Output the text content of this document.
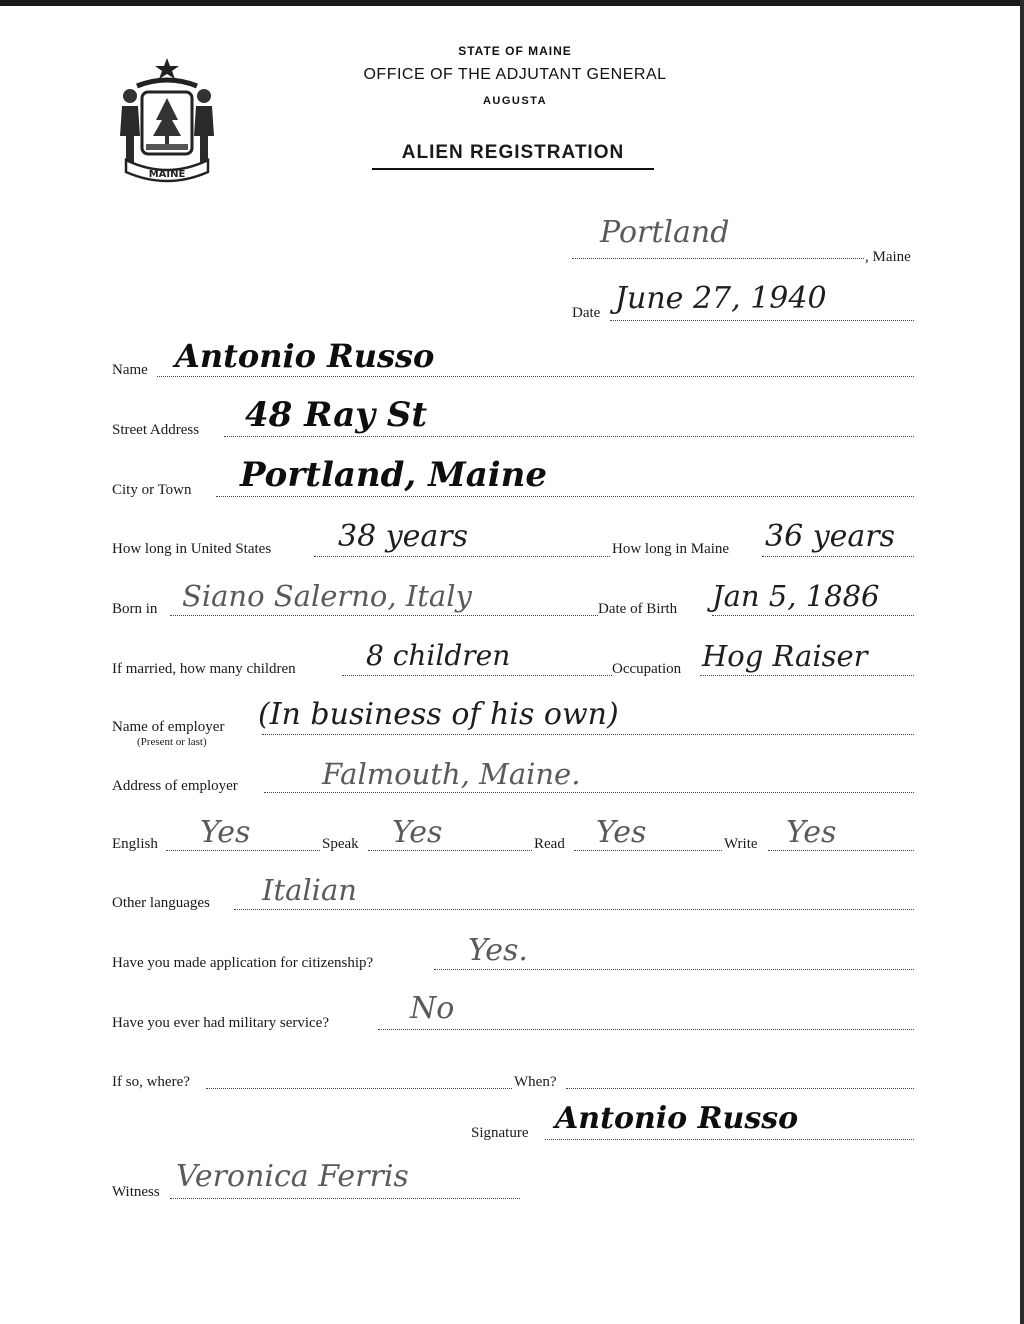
MAINE
STATE OF MAINE
OFFICE OF THE ADJUTANT GENERAL
AUGUSTA
ALIEN REGISTRATION
, Maine
Portland
Date June 27, 1940
Name Antonio Russo
Street Address 48 Ray St
City or Town Portland, Maine
How long in United States 38 years	How long in Maine 36 years
Born in Siano Salerno, Italy	Date of Birth Jan 5, 1886
If married, how many children	8 children	Occupation Hog Raiser
Name of employer
(Present or last)
(In business of his own)
Address of employer	Falmouth, Maine.
English Yes	Speak Yes	Read Yes	Write Yes
Other languages Italian
Have you made application for citizenship?	Yes.
Have you ever had military service?	No
If so, where?	When?
Signature Antonio Russo
Witness Veronica Ferris
